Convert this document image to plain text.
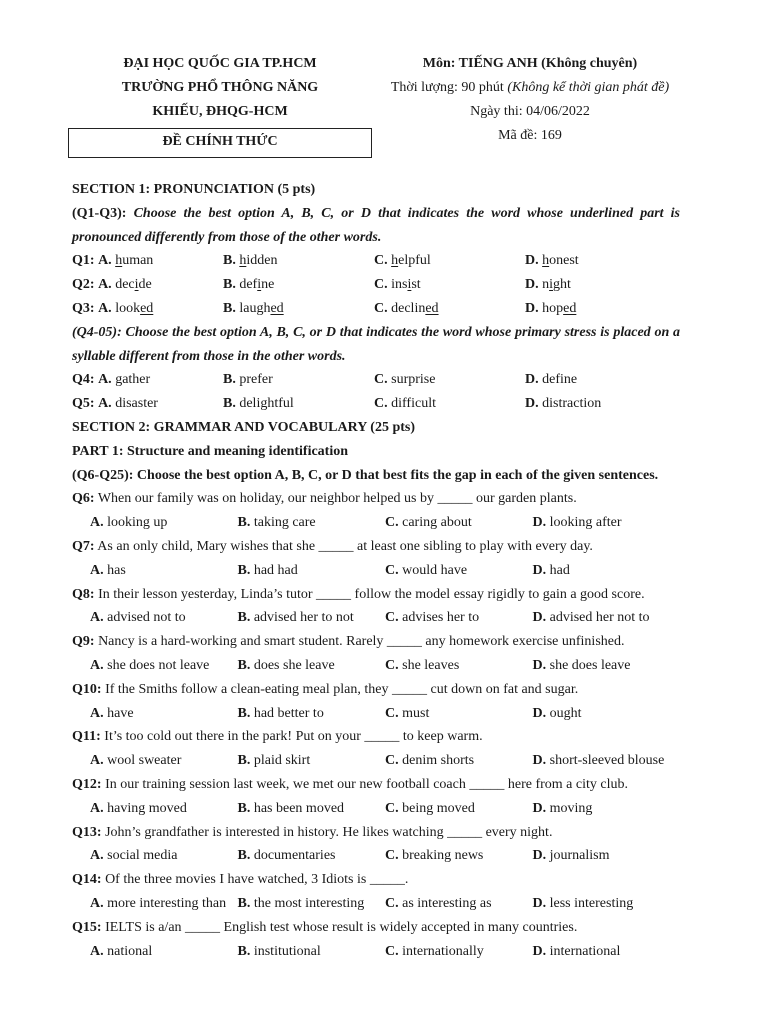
ĐẠI HỌC QUỐC GIA TP.HCM
TRƯỜNG PHỔ THÔNG NĂNG
KHIẾU, ĐHQG-HCM
ĐỀ CHÍNH THỨC
Môn: TIẾNG ANH (Không chuyên)
Thời lượng: 90 phút (Không kể thời gian phát đề)
Ngày thi: 04/06/2022
Mã đề: 169
SECTION 1: PRONUNCIATION (5 pts)
(Q1-Q3): Choose the best option A, B, C, or D that indicates the word whose underlined part is pronounced differently from those of the other words.
Q1: A. human	B. hidden	C. helpful	D. honest
Q2: A. decide	B. define	C. insist	D. night
Q3: A. looked	B. laughed	C. declined	D. hoped
(Q4-05): Choose the best option A, B, C, or D that indicates the word whose primary stress is placed on a syllable different from those in the other words.
Q4: A. gather	B. prefer	C. surprise	D. define
Q5: A. disaster	B. delightful	C. difficult	D. distraction
SECTION 2: GRAMMAR AND VOCABULARY (25 pts)
PART 1: Structure and meaning identification
(Q6-Q25): Choose the best option A, B, C, or D that best fits the gap in each of the given sentences.
Q6: When our family was on holiday, our neighbor helped us by _____ our garden plants.
A. looking up	B. taking care	C. caring about	D. looking after
Q7: As an only child, Mary wishes that she _____ at least one sibling to play with every day.
A. has	B. had had	C. would have	D. had
Q8: In their lesson yesterday, Linda’s tutor _____ follow the model essay rigidly to gain a good score.
A. advised not to	B. advised her to not	C. advises her to	D. advised her not to
Q9: Nancy is a hard-working and smart student. Rarely _____ any homework exercise unfinished.
A. she does not leave	B. does she leave	C. she leaves	D. she does leave
Q10: If the Smiths follow a clean-eating meal plan, they _____ cut down on fat and sugar.
A. have	B. had better to	C. must	D. ought
Q11: It’s too cold out there in the park! Put on your _____ to keep warm.
A. wool sweater	B. plaid skirt	C. denim shorts	D. short-sleeved blouse
Q12: In our training session last week, we met our new football coach _____ here from a city club.
A. having moved	B. has been moved	C. being moved	D. moving
Q13: John’s grandfather is interested in history. He likes watching _____ every night.
A. social media	B. documentaries	C. breaking news	D. journalism
Q14: Of the three movies I have watched, 3 Idiots is _____.
A. more interesting than B. the most interesting	C. as interesting as	D. less interesting
Q15: IELTS is a/an _____ English test whose result is widely accepted in many countries.
A. national	B. institutional	C. internationally	D. international
